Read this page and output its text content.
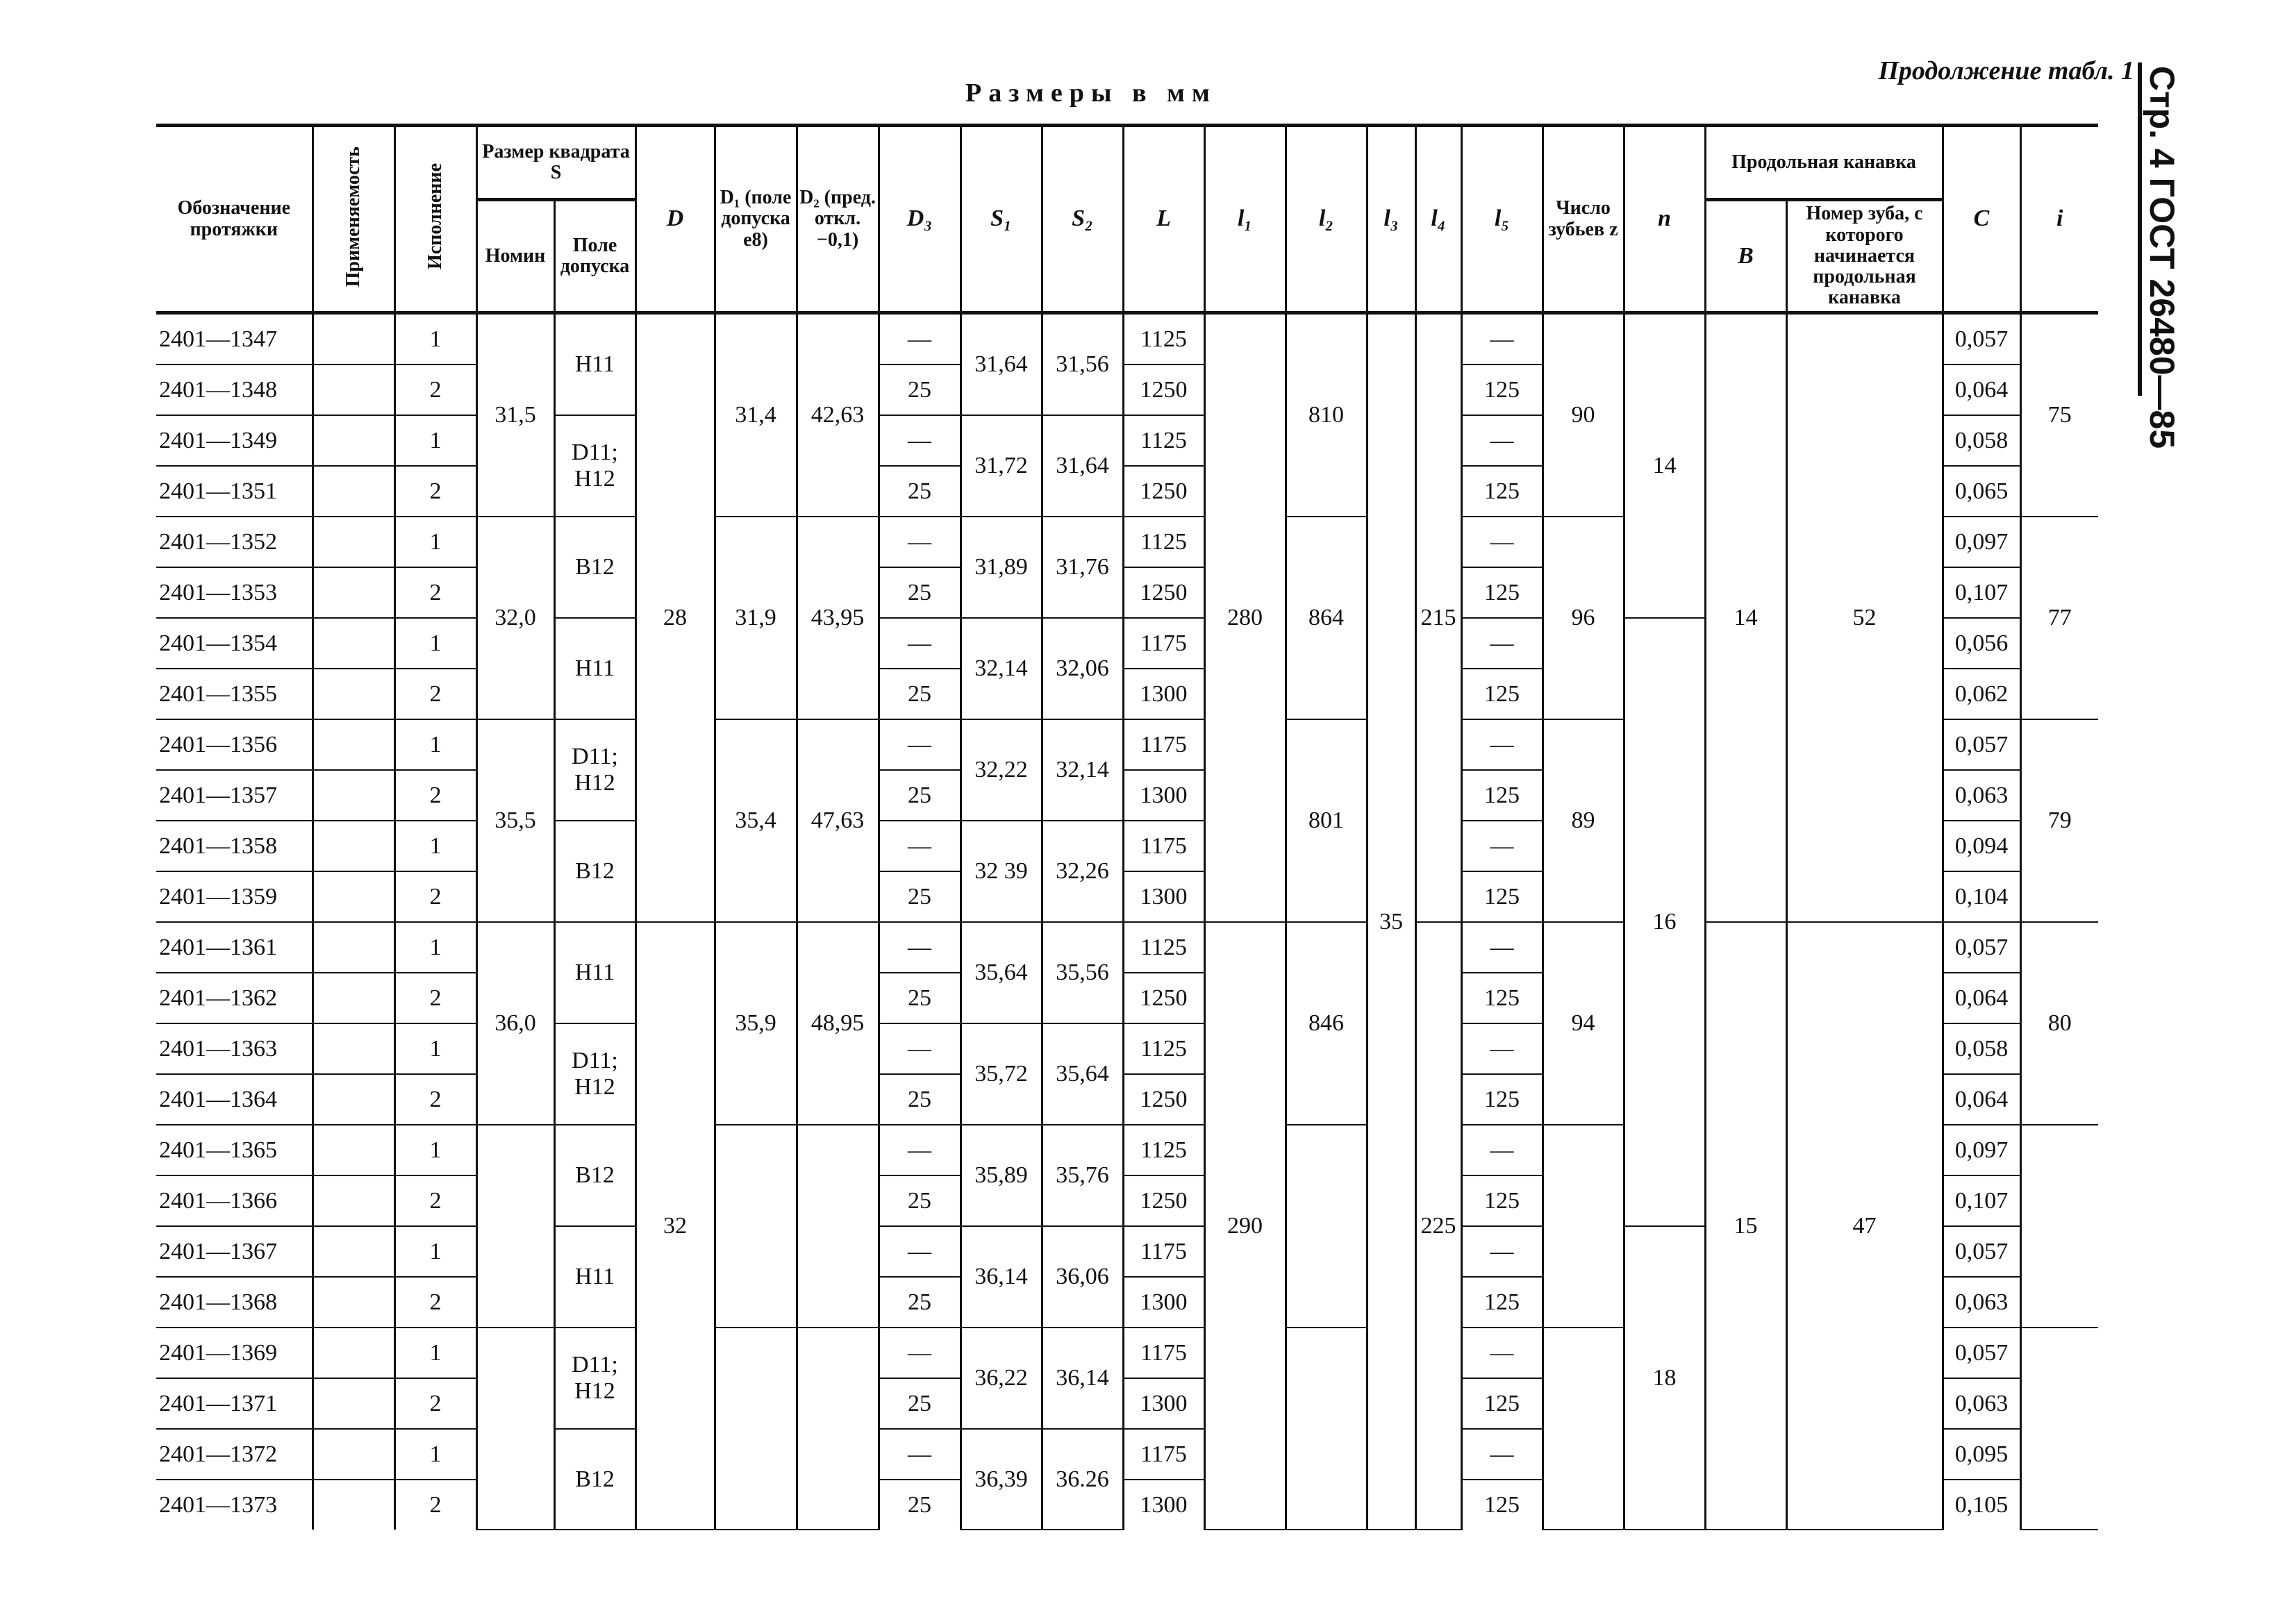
Продолжение табл. 1
Размеры в мм	Стр. 4 ГОСТ 26480—85
Обозначение протяжки	Применяемость	Исполнение	Размер квадрата S		D	D₁ (поле допуска e8)	D₂ (пред. откл. −0,1)	D₃	S₁	S₂	L	l₁	l₂	l₃	l₄	l₅	Число зубьев z	n	Продольная канавка		C	i
			Номин	Поле допуска															B	Номер зуба, с которого начинается продольная канавка		
2401—1347		1	31,5	H11	28	31,4	42,63	—	31,64	31,56	1125	280	810	35	215	—	90	14	14	52	0,057	75
2401—1348		2						25			1250					125					0,064	
2401—1349		1		D11; H12				—	31,72	31,64	1125					—					0,058	
2401—1351		2						25			1250					125					0,065	
2401—1352		1	32,0	B12		31,9	43,95	—	31,89	31,76	1125		864			—	96				0,097	77
2401—1353		2						25			1250					125					0,107	
2401—1354		1		H11				—	32,14	32,06	1175					—		16			0,056	
2401—1355		2						25			1300					125					0,062	
2401—1356		1	35,5	D11; H12		35,4	47,63	—	32,22	32,14	1175		801			—	89				0,057	79
2401—1357		2						25			1300					125					0,063	
2401—1358		1		B12				—	32 39	32,26	1175					—					0,094	
2401—1359		2						25			1300					125					0,104	
2401—1361		1	36,0	H11	32	35,9	48,95	—	35,64	35,56	1125	290	846		225	—	94		15	47	0,057	80
2401—1362		2						25			1250					125					0,064	
2401—1363		1		D11; H12				—	35,72	35,64	1125					—					0,058	
2401—1364		2						25			1250					125					0,064	
2401—1365		1		B12				—	35,89	35,76	1125					—					0,097	
2401—1366		2						25			1250					125					0,107	
2401—1367		1		H11				—	36,14	36,06	1175					—		18			0,057	
2401—1368		2						25			1300					125					0,063	
2401—1369		1		D11; H12				—	36,22	36,14	1175					—					0,057	
2401—1371		2						25			1300					125					0,063	
2401—1372		1		B12				—	36,39	36.26	1175					—					0,095	
2401—1373		2						25			1300					125					0,105	
